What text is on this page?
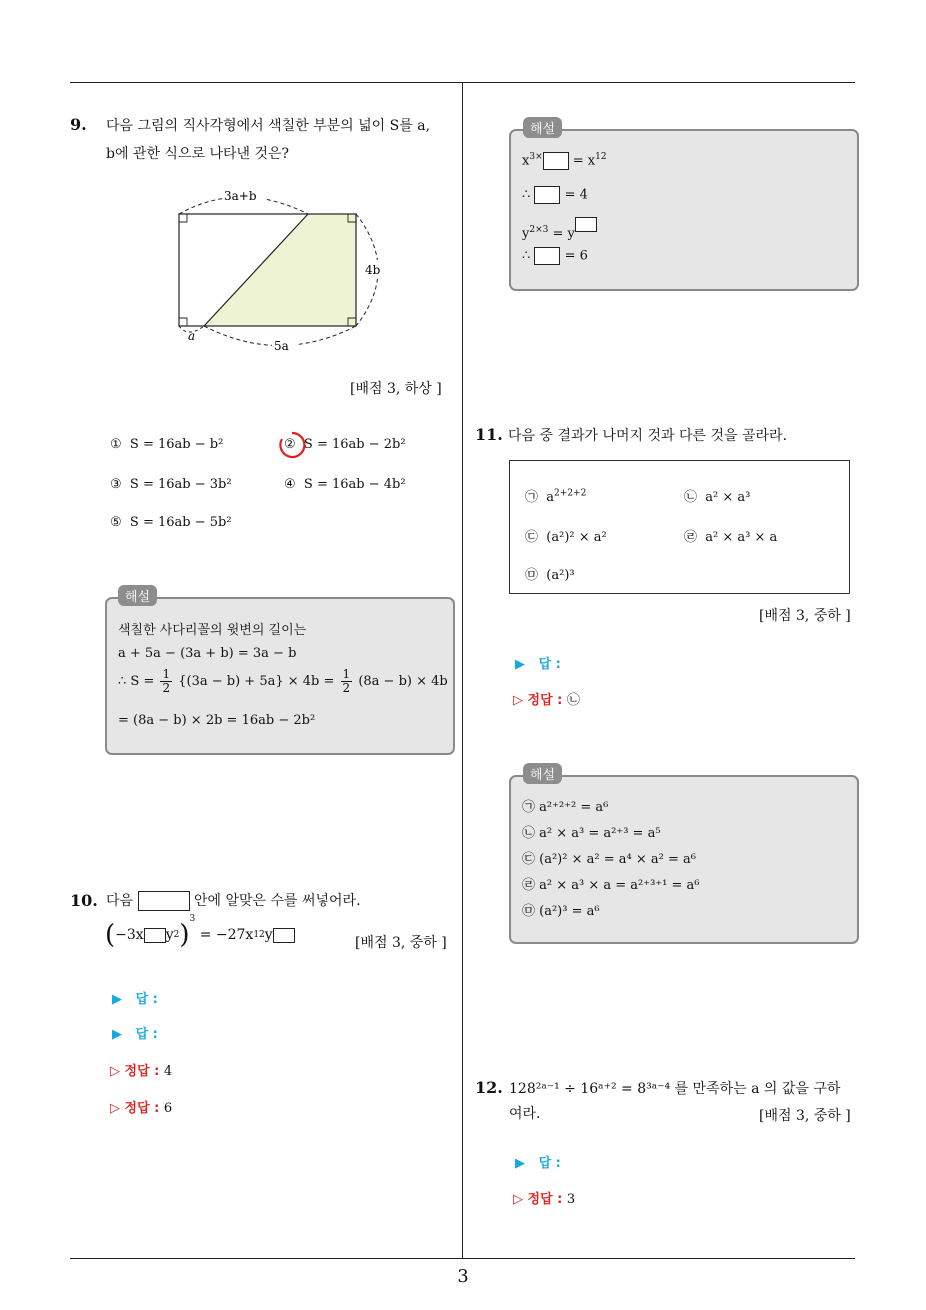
9. 다음 그림의 직사각형에서 색칠한 부분의 넓이 S를 a,
b에 관한 식으로 나타낸 것은?
3a+b
4b
a
5a
[배점 3, 하상 ]
① S = 16ab − b²	② S = 16ab − 2b²
③ S = 16ab − 3b²	④ S = 16ab − 4b²
⑤ S = 16ab − 5b²
해설
색칠한 사다리꼴의 윗변의 길이는
a + 5a − (3a + b) = 3a − b
∴ $S = \frac{1}{2} \{(3a - b) + 5a\} \times 4b = \frac{1}{2} (8a - b) \times 4b$
= (8a − b) × 2b = 16ab − 2b²
10. 다음	안에 알맞은 수를 써넣어라.
(−3x y2)$^3$ = −27x12y	[배점 3, 중하 ]
▶ 답 :
▶ 답 :
▷ 정답 : 4
▷ 정답 : 6
해설
$x^{3\times} = x^{12}$
∴	= 4
$y^{2\times 3} = y$
∴	= 6
11. 다음 중 결과가 나머지 것과 다른 것을 골라라.
㉠ $a^{2+2+2}$	㉡ a² × a³
㉢ (a²)² × a²	㉣ a² × a³ × a
㉤ (a²)³
[배점 3, 중하 ]
▶ 답 :
▷ 정답 : ㉡
해설
㉠ a²⁺²⁺² = a⁶
㉡ a² × a³ = a²⁺³ = a⁵
㉢ (a²)² × a² = a⁴ × a² = a⁶
㉣ a² × a³ × a = a²⁺³⁺¹ = a⁶
㉤ (a²)³ = a⁶
12. 128²ᵃ⁻¹ ÷ 16ᵃ⁺² = 8³ᵃ⁻⁴ 를 만족하는 a 의 값을 구하
여라.	[배점 3, 중하 ]
▶ 답 :
▷ 정답 : 3
3
